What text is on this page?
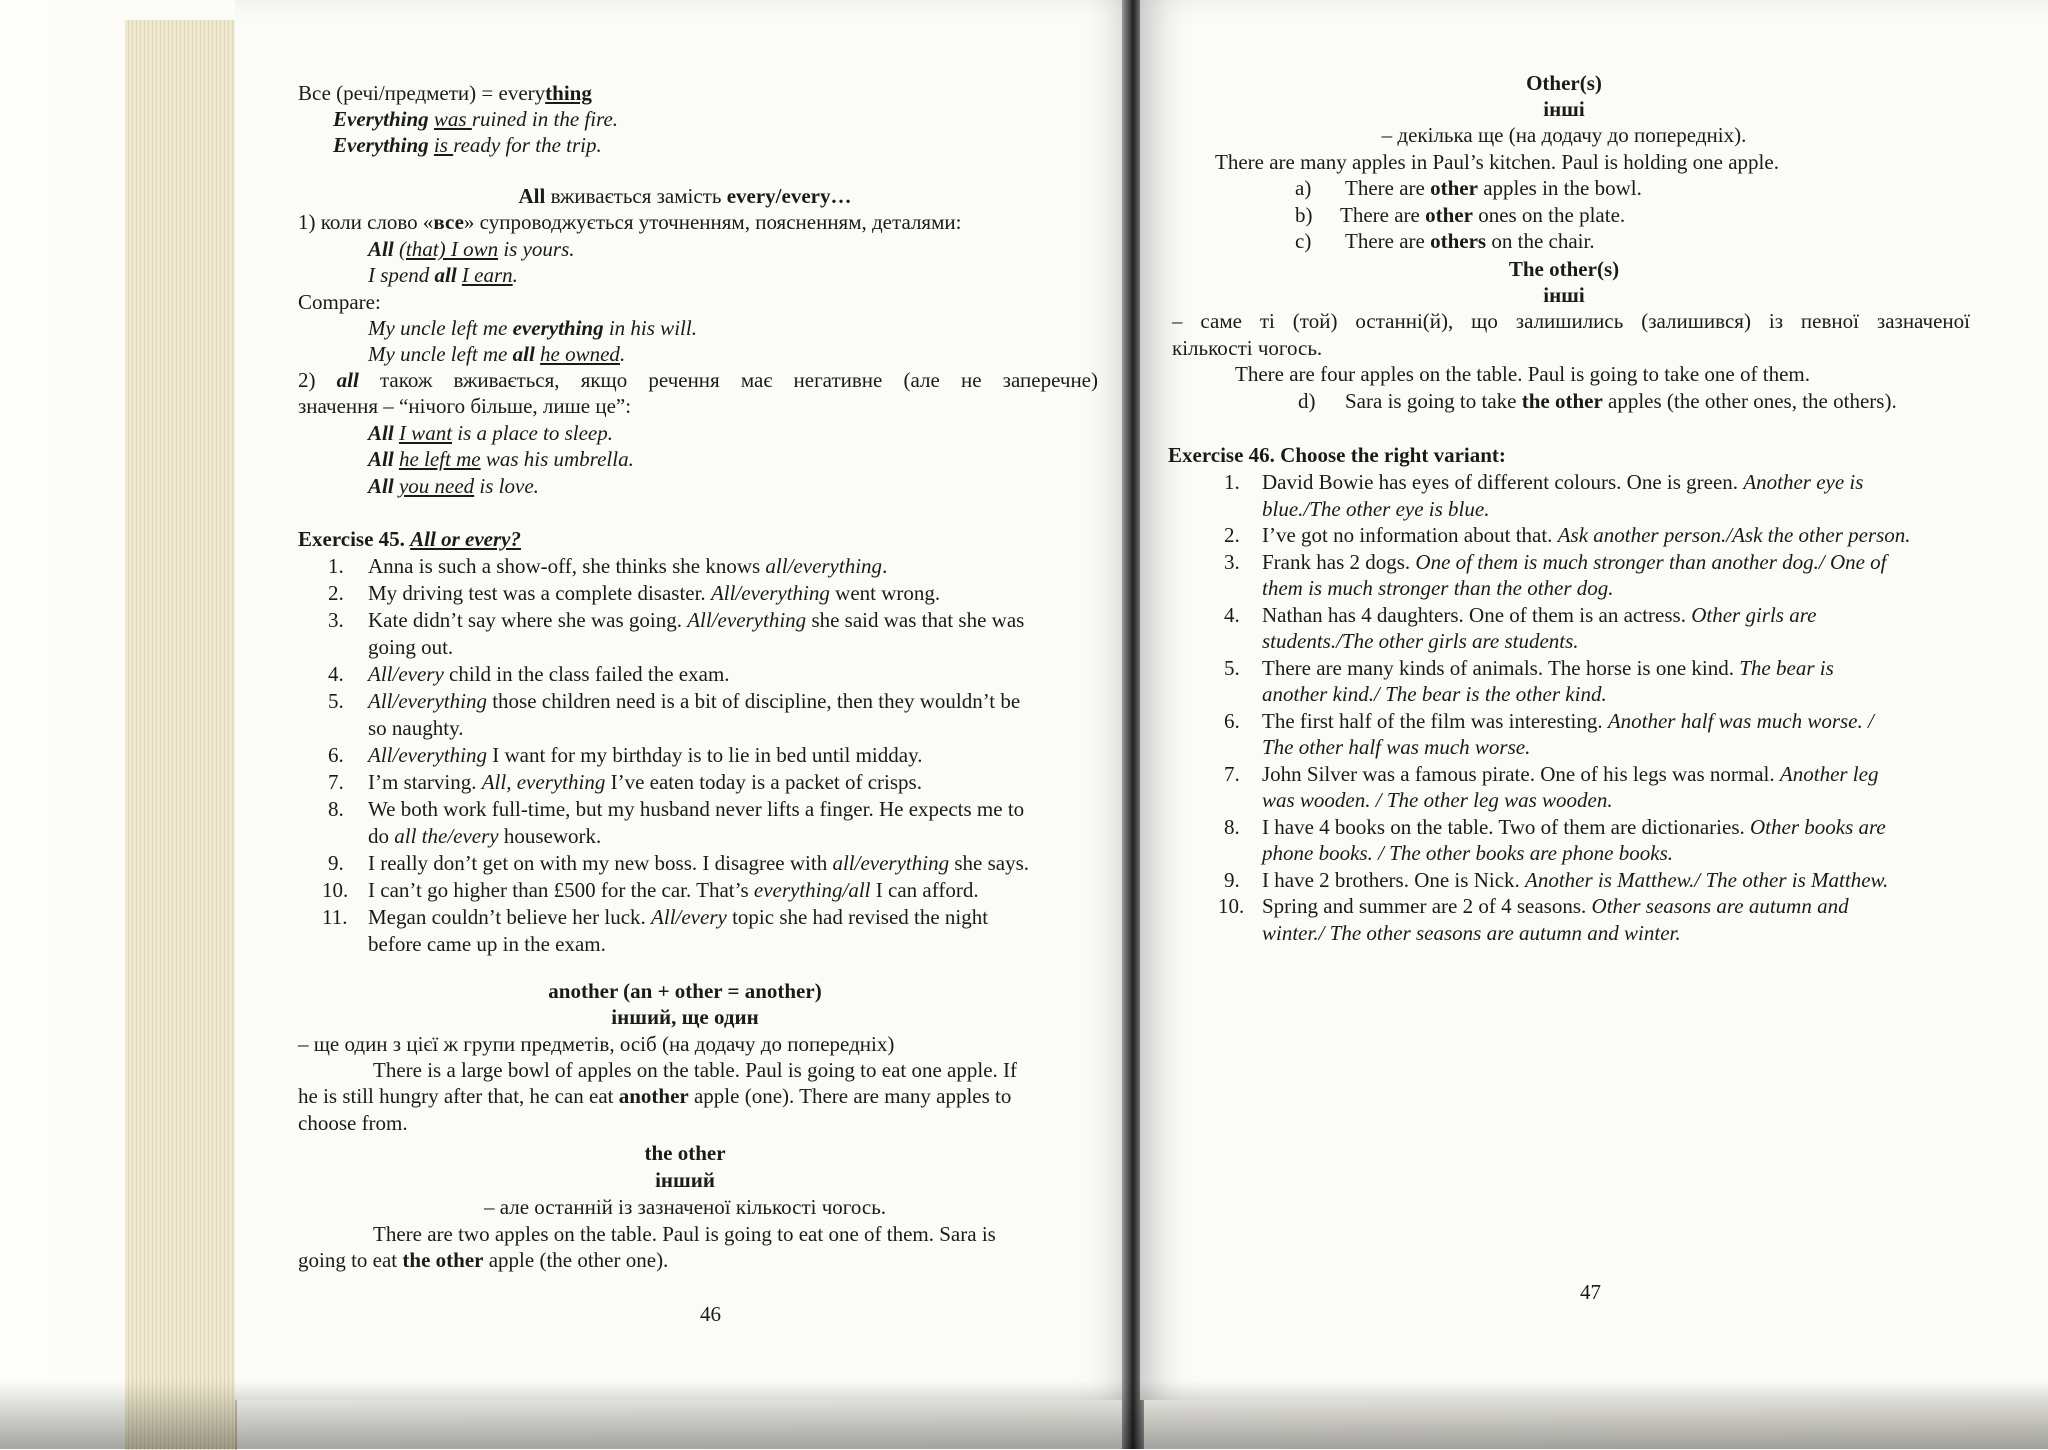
Все (речі/предмети) = everything
Everything was ruined in the fire.
Everything is ready for the trip.
All вживається замість every/every…
1) коли слово «все» супроводжується уточненням, поясненням, деталями:
All (that) I own is yours.
I spend all I earn.
Compare:
My uncle left me everything in his will.
My uncle left me all he owned.
2) all також вживається, якщо речення має негативне (але не заперечне)
значення – “нічого більше, лише це”:
All I want is a place to sleep.
All he left me was his umbrella.
All you need is love.
Exercise 45. All or every?
1. Anna is such a show-off, she thinks she knows all/everything.
2. My driving test was a complete disaster. All/everything went wrong.
3. Kate didn’t say where she was going. All/everything she said was that she was
going out.
4. All/every child in the class failed the exam.
5. All/everything those children need is a bit of discipline, then they wouldn’t be
so naughty.
6. All/everything I want for my birthday is to lie in bed until midday.
7. I’m starving. All, everything I’ve eaten today is a packet of crisps.
8. We both work full-time, but my husband never lifts a finger. He expects me to
do all the/every housework.
9. I really don’t get on with my new boss. I disagree with all/everything she says.
10. I can’t go higher than £500 for the car. That’s everything/all I can afford.
11. Megan couldn’t believe her luck. All/every topic she had revised the night
before came up in the exam.
another (an + other = another)
інший, ще один
– ще один з цієї ж групи предметів, осіб (на додачу до попередніх)
There is a large bowl of apples on the table. Paul is going to eat one apple. If
he is still hungry after that, he can eat another apple (one). There are many apples to
choose from.
the other
інший
– але останній із зазначеної кількості чогось.
There are two apples on the table. Paul is going to eat one of them. Sara is
going to eat the other apple (the other one).
46
Other(s)
інші
– декілька ще (на додачу до попередніх).
There are many apples in Paul’s kitchen. Paul is holding one apple.
a) There are other apples in the bowl.
b) There are other ones on the plate.
c) There are others on the chair.
The other(s)
інші
– саме ті (той) останні(й), що залишились (залишився) із певної зазначеної
кількості чогось.
There are four apples on the table. Paul is going to take one of them.
d) Sara is going to take the other apples (the other ones, the others).
Exercise 46. Choose the right variant:
1. David Bowie has eyes of different colours. One is green. Another eye is
blue./The other eye is blue.
2. I’ve got no information about that. Ask another person./Ask the other person.
3. Frank has 2 dogs. One of them is much stronger than another dog./ One of
them is much stronger than the other dog.
4. Nathan has 4 daughters. One of them is an actress. Other girls are
students./The other girls are students.
5. There are many kinds of animals. The horse is one kind. The bear is
another kind./ The bear is the other kind.
6. The first half of the film was interesting. Another half was much worse. /
The other half was much worse.
7. John Silver was a famous pirate. One of his legs was normal. Another leg
was wooden. / The other leg was wooden.
8. I have 4 books on the table. Two of them are dictionaries. Other books are
phone books. / The other books are phone books.
9. I have 2 brothers. One is Nick. Another is Matthew./ The other is Matthew.
10. Spring and summer are 2 of 4 seasons. Other seasons are autumn and
winter./ The other seasons are autumn and winter.
47
